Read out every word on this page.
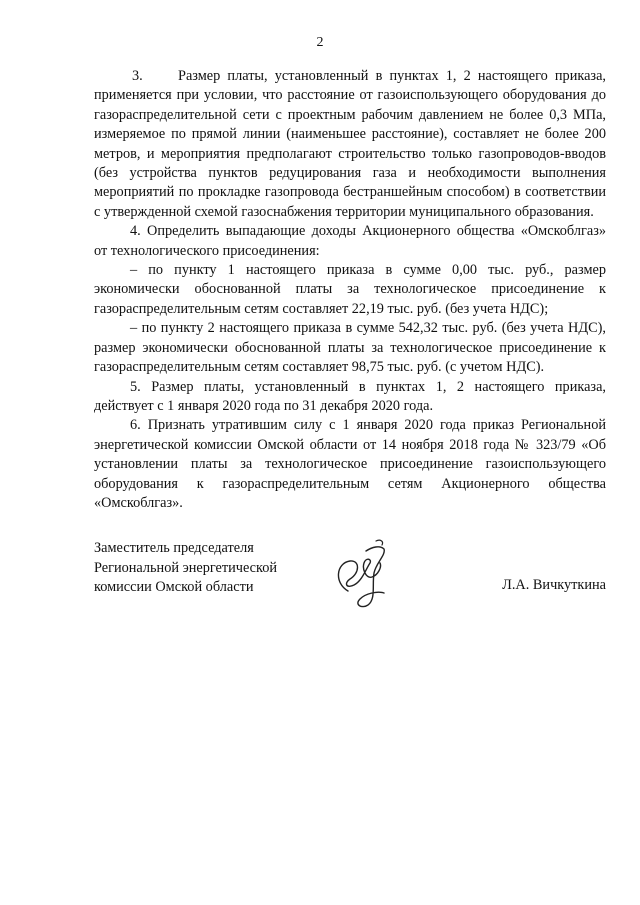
2

3. Размер платы, установленный в пунктах 1, 2 настоящего приказа, применяется при условии, что расстояние от газоиспользующего оборудования до газораспределительной сети с проектным рабочим давлением не более 0,3 МПа, измеряемое по прямой линии (наименьшее расстояние), составляет не более 200 метров, и мероприятия предполагают строительство только газопроводов-вводов (без устройства пунктов редуцирования газа и необходимости выполнения мероприятий по прокладке газопровода бестраншейным способом) в соответствии с утвержденной схемой газоснабжения территории муниципального образования.

4. Определить выпадающие доходы Акционерного общества «Омскоблгаз» от технологического присоединения:

– по пункту 1 настоящего приказа в сумме 0,00 тыс. руб., размер экономически обоснованной платы за технологическое присоединение к газораспределительным сетям составляет 22,19 тыс. руб. (без учета НДС);

– по пункту 2 настоящего приказа в сумме 542,32 тыс. руб. (без учета НДС), размер экономически обоснованной платы за технологическое присоединение к газораспределительным сетям составляет 98,75 тыс. руб. (с учетом НДС).

5. Размер платы, установленный в пунктах 1, 2 настоящего приказа, действует с 1 января 2020 года по 31 декабря 2020 года.

6. Признать утратившим силу с 1 января 2020 года приказ Региональной энергетической комиссии Омской области от 14 ноября 2018 года № 323/79 «Об установлении платы за технологическое присоединение газоиспользующего оборудования к газораспределительным сетям Акционерного общества «Омскоблгаз».

Заместитель председателя
Региональной энергетической
комиссии Омской области	Л.А. Вичкуткина
